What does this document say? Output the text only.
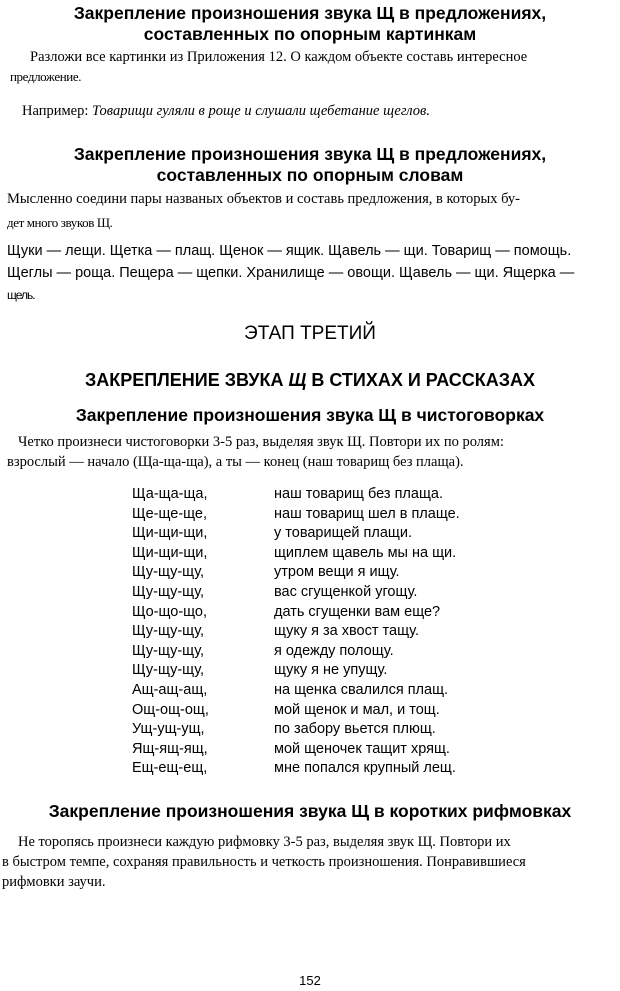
Закрепление произношения звука Щ в предложениях,
составленных по опорным картинкам

Разложи все картинки из Приложения 12. О каждом объекте составь интересное

предложение.

Например: Товарищи гуляли в роще и слушали щебетание щеглов.

Закрепление произношения звука Щ в предложениях,
составленных по опорным словам

Мысленно соедини пары названых объектов и составь предложения, в которых бу-

дет много звуков Щ.

Щуки — лещи. Щетка — плащ. Щенок — ящик. Щавель — щи. Товарищ — помощь.

Щеглы — роща. Пещера — щепки. Хранилище — овощи. Щавель — щи. Ящерка —

щель.

ЭТАП ТРЕТИЙ
ЗАКРЕПЛЕНИЕ ЗВУКА Щ В СТИХАХ И РАССКАЗАХ
Закрепление произношения звука Щ в чистоговорках

Четко произнеси чистоговорки 3-5 раз, выделяя звук Щ. Повтори их по ролям:

взрослый — начало (Ща-ща-ща), а ты — конец (наш товарищ без плаща).

Ща-ща-ща,	наш товарищ без плаща.
Ще-ще-ще,	наш товарищ шел в плаще.
Щи-щи-щи,	у товарищей плащи.
Щи-щи-щи,	щиплем щавель мы на щи.
Щу-щу-щу,	утром вещи я ищу.
Щу-щу-щу,	вас сгущенкой угощу.
Що-що-що,	дать сгущенки вам еще?
Щу-щу-щу,	щуку я за хвост тащу.
Щу-щу-щу,	я одежду полощу.
Щу-щу-щу,	щуку я не упущу.
Ащ-ащ-ащ,	на щенка свалился плащ.
Ощ-ощ-ощ,	мой щенок и мал, и тощ.
Ущ-ущ-ущ,	по забору вьется плющ.
Ящ-ящ-ящ,	мой щеночек тащит хрящ.
Ещ-ещ-ещ,	мне попался крупный лещ.
Закрепление произношения звука Щ в коротких рифмовках

Не торопясь произнеси каждую рифмовку 3-5 раз, выделяя звук Щ. Повтори их

в быстром темпе, сохраняя правильность и четкость произношения. Понравившиеся

рифмовки заучи.

152
